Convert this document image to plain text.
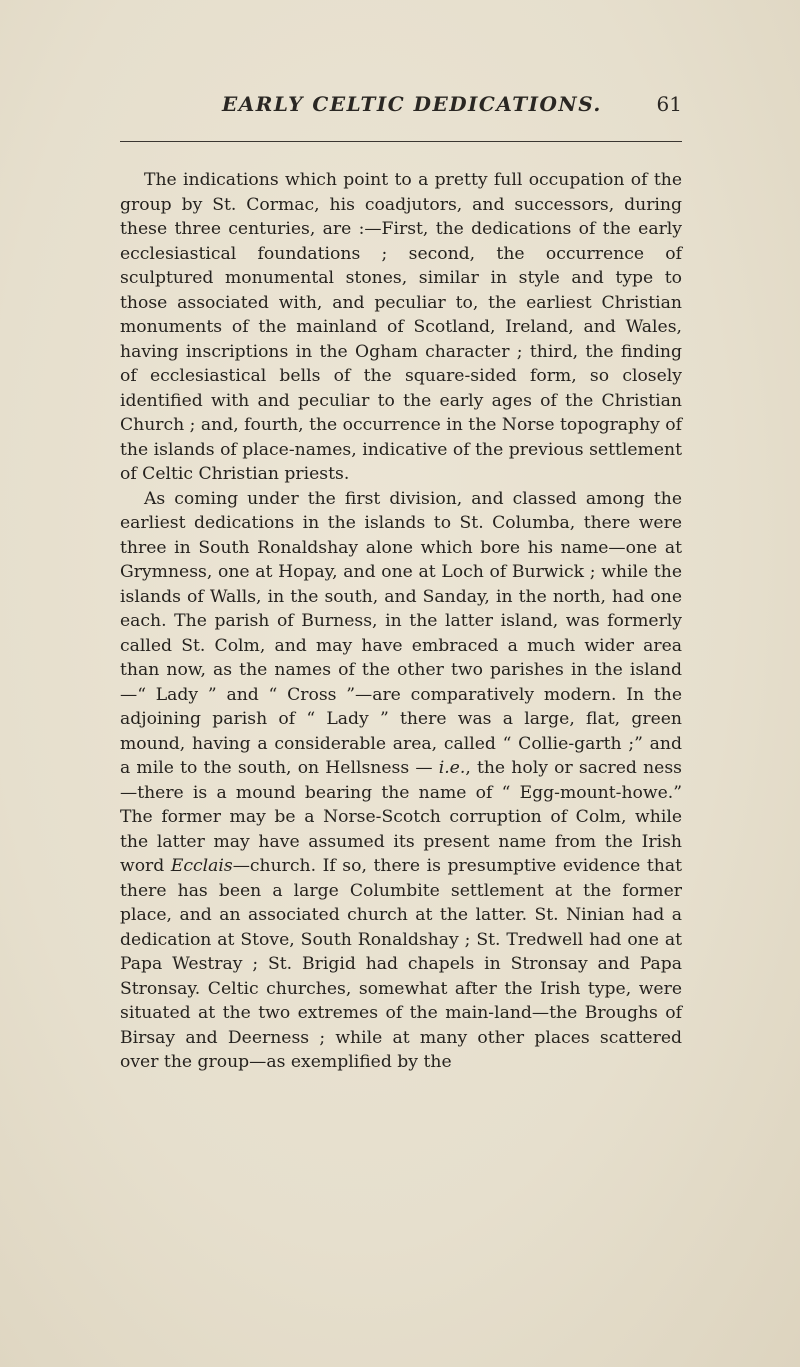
EARLY CELTIC DEDICATIONS.	61

The indications which point to a pretty full occupation of the group by St. Cormac, his coadjutors, and successors, during these three centuries, are :—First, the dedications of the early ecclesiastical foundations ; second, the occurrence of sculptured monumental stones, similar in style and type to those associated with, and peculiar to, the earliest Christian monuments of the mainland of Scotland, Ireland, and Wales, having inscriptions in the Ogham character ; third, the finding of ecclesiastical bells of the square-sided form, so closely identified with and peculiar to the early ages of the Christian Church ; and, fourth, the occurrence in the Norse topography of the islands of place-names, indicative of the previous settlement of Celtic Christian priests.

As coming under the first division, and classed among the earliest dedications in the islands to St. Columba, there were three in South Ronaldshay alone which bore his name—one at Grymness, one at Hopay, and one at Loch of Burwick ; while the islands of Walls, in the south, and Sanday, in the north, had one each. The parish of Burness, in the latter island, was formerly called St. Colm, and may have embraced a much wider area than now, as the names of the other two parishes in the island —“ Lady ” and “ Cross ”—are comparatively modern. In the adjoining parish of “ Lady ” there was a large, flat, green mound, having a considerable area, called “ Collie-garth ;” and a mile to the south, on Hellsness — i.e., the holy or sacred ness—there is a mound bearing the name of “ Egg-mount-howe.” The former may be a Norse-Scotch corruption of Colm, while the latter may have assumed its present name from the Irish word Ecclais—church. If so, there is presumptive evidence that there has been a large Columbite settlement at the former place, and an associated church at the latter. St. Ninian had a dedication at Stove, South Ronaldshay ; St. Tredwell had one at Papa Westray ; St. Brigid had chapels in Stronsay and Papa Stronsay. Celtic churches, somewhat after the Irish type, were situated at the two extremes of the main-land—the Broughs of Birsay and Deerness ; while at many other places scattered over the group—as exemplified by the
